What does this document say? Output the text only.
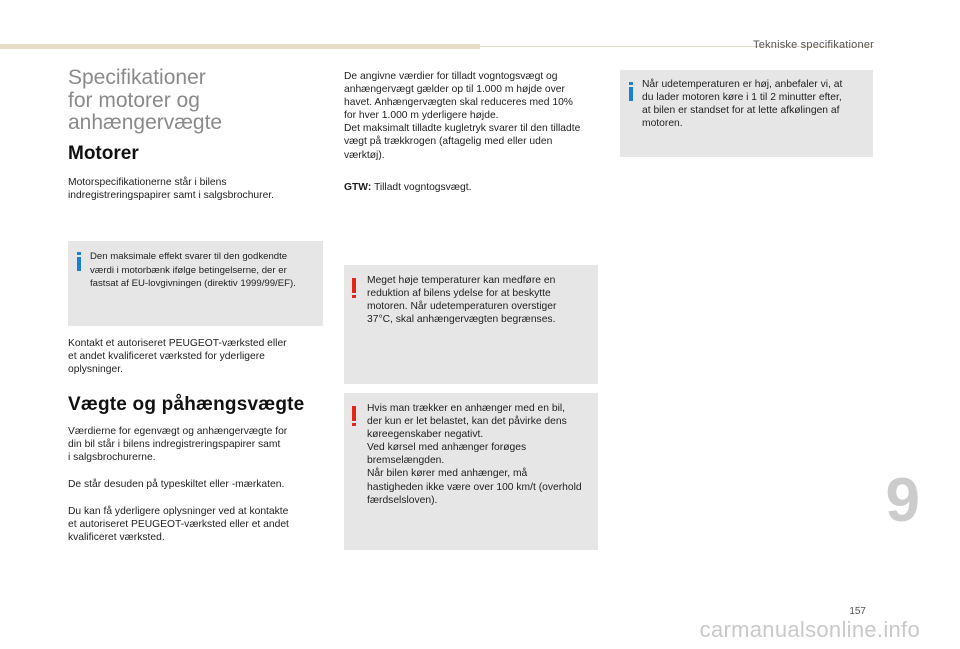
Tekniske specifikationer
Specifikationer
for motorer og
anhængervægte
Motorer
Motorspecifikationerne står i bilens
indregistreringspapirer samt i salgsbrochurer.
Den maksimale effekt svarer til den godkendte
værdi i motorbænk ifølge betingelserne, der er
fastsat af EU-lovgivningen (direktiv 1999/99/EF).
Kontakt et autoriseret PEUGEOT-værksted eller
et andet kvalificeret værksted for yderligere
oplysninger.
Vægte og påhængsvægte
Værdierne for egenvægt og anhængervægte for
din bil står i bilens indregistreringspapirer samt
i salgsbrochurerne.
De står desuden på typeskiltet eller -mærkaten.
Du kan få yderligere oplysninger ved at kontakte
et autoriseret PEUGEOT-værksted eller et andet
kvalificeret værksted.
De angivne værdier for tilladt vogntogsvægt og
anhængervægt gælder op til 1.000 m højde over
havet. Anhængervægten skal reduceres med 10%
for hver 1.000 m yderligere højde.
Det maksimalt tilladte kugletryk svarer til den tilladte
vægt på trækkrogen (aftagelig med eller uden
værktøj).
GTW: Tilladt vogntogsvægt.
Meget høje temperaturer kan medføre en
reduktion af bilens ydelse for at beskytte
motoren. Når udetemperaturen overstiger
37°C, skal anhængervægten begrænses.
Hvis man trækker en anhænger med en bil,
der kun er let belastet, kan det påvirke dens
køreegenskaber negativt.
Ved kørsel med anhænger forøges
bremselængden.
Når bilen kører med anhænger, må
hastigheden ikke være over 100 km/t (overhold
færdselsloven).
Når udetemperaturen er høj, anbefaler vi, at
du lader motoren køre i 1 til 2 minutter efter,
at bilen er standset for at lette afkølingen af
motoren.
9
157
carmanualsonline.info
